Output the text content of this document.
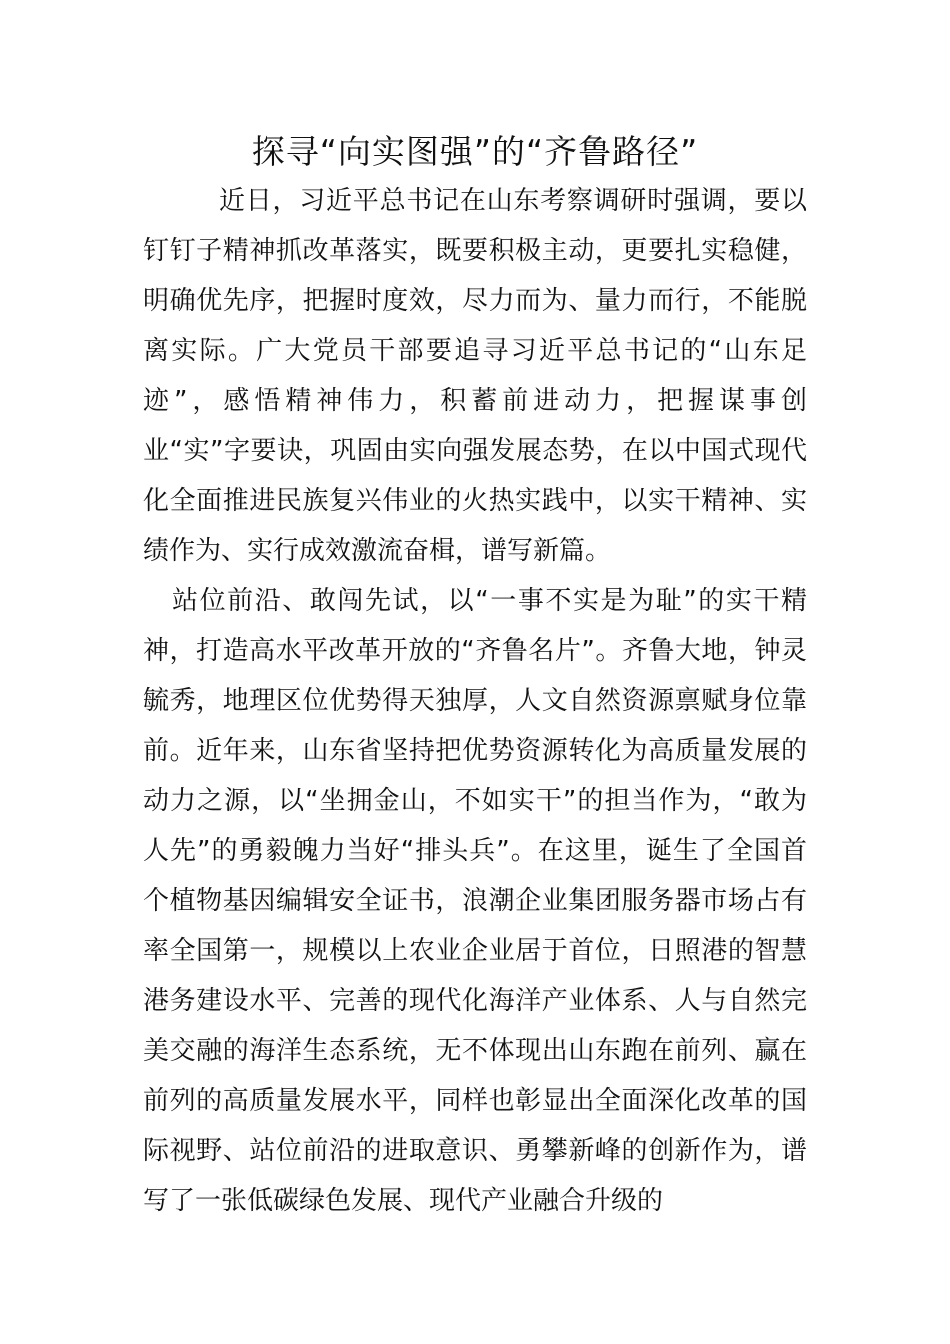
探寻“向实图强”的“齐鲁路径”

近日，习近平总书记在山东考察调研时强调，要以钉钉子精神抓改革落实，既要积极主动，更要扎实稳健，明确优先序，把握时度效，尽力而为、量力而行，不能脱离实际。广大党员干部要追寻习近平总书记的“山东足迹”，感悟精神伟力，积蓄前进动力，把握谋事创业“实”字要诀，巩固由实向强发展态势，在以中国式现代化全面推进民族复兴伟业的火热实践中，以实干精神、实绩作为、实行成效激流奋楫，谱写新篇。

站位前沿、敢闯先试，以“一事不实是为耻”的实干精神，打造高水平改革开放的“齐鲁名片”。齐鲁大地，钟灵毓秀，地理区位优势得天独厚，人文自然资源禀赋身位靠前。近年来，山东省坚持把优势资源转化为高质量发展的动力之源，以“坐拥金山，不如实干”的担当作为，“敢为人先”的勇毅魄力当好“排头兵”。在这里，诞生了全国首个植物基因编辑安全证书，浪潮企业集团服务器市场占有率全国第一，规模以上农业企业居于首位，日照港的智慧港务建设水平、完善的现代化海洋产业体系、人与自然完美交融的海洋生态系统，无不体现出山东跑在前列、赢在前列的高质量发展水平，同样也彰显出全面深化改革的国际视野、站位前沿的进取意识、勇攀新峰的创新作为，谱写了一张低碳绿色发展、现代产业融合升级的
